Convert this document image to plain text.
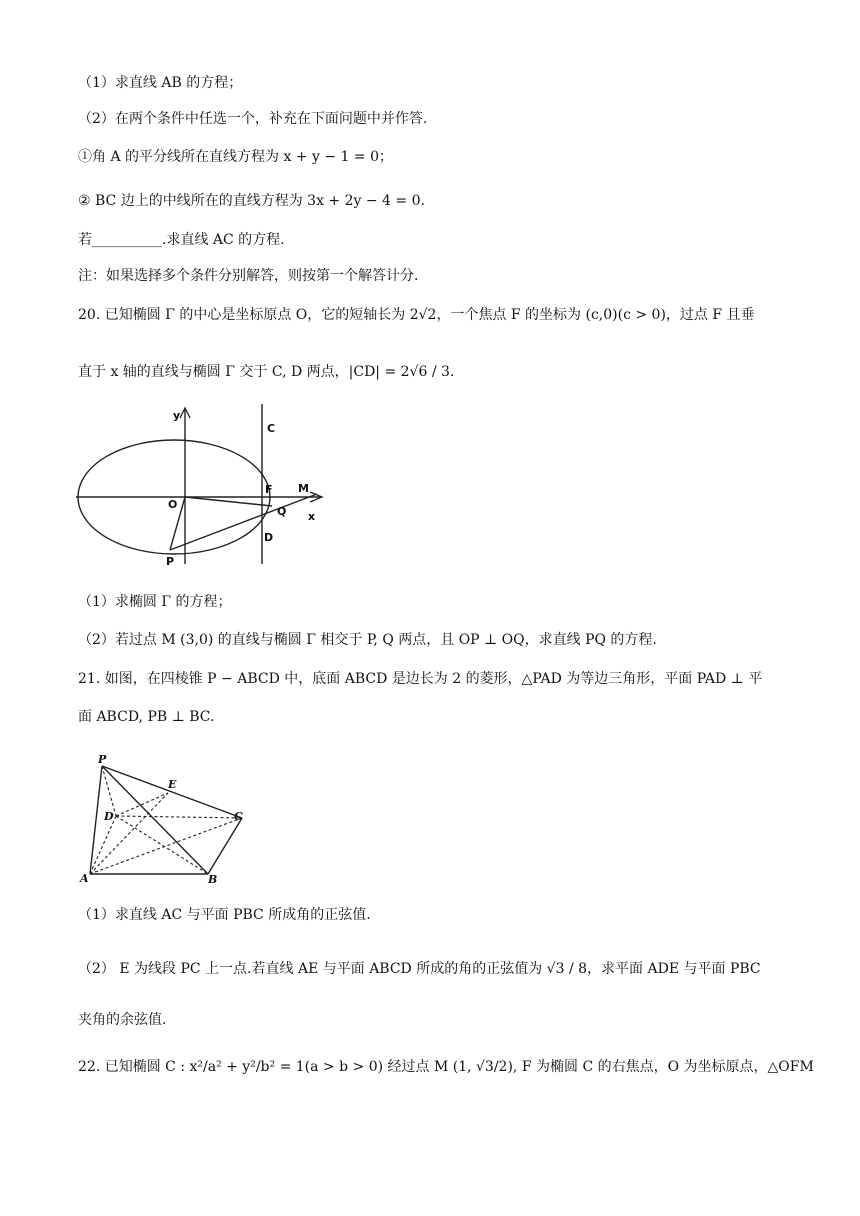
（1）求直线 AB 的方程；
（2）在两个条件中任选一个，补充在下面问题中并作答.
①角 A 的平分线所在直线方程为 x + y − 1 = 0；
② BC 边上的中线所在的直线方程为 3x + 2y − 4 = 0.
若__________.求直线 AC 的方程.
注：如果选择多个条件分别解答，则按第一个解答计分.
20. 已知椭圆 Γ 的中心是坐标原点 O，它的短轴长为 2√2，一个焦点 F 的坐标为 (c,0)(c > 0)，过点 F 且垂
直于 x 轴的直线与椭圆 Γ 交于 C, D 两点，|CD| = 2√6 / 3.
y
x
O
C
F M
Q
D
P
（1）求椭圆 Γ 的方程；
（2）若过点 M (3,0) 的直线与椭圆 Γ 相交于 P, Q 两点，且 OP ⊥ OQ，求直线 PQ 的方程.
21. 如图，在四棱锥 P − ABCD 中，底面 ABCD 是边长为 2 的菱形，△PAD 为等边三角形，平面 PAD ⊥ 平
面 ABCD, PB ⊥ BC.
P
E
D	C
A	B
（1）求直线 AC 与平面 PBC 所成角的正弦值.
（2） E 为线段 PC 上一点.若直线 AE 与平面 ABCD 所成的角的正弦值为 √3 / 8，求平面 ADE 与平面 PBC
夹角的余弦值.
22. 已知椭圆 C : x²/a² + y²/b² = 1(a > b > 0) 经过点 M (1, √3/2), F 为椭圆 C 的右焦点，O 为坐标原点，△OFM
